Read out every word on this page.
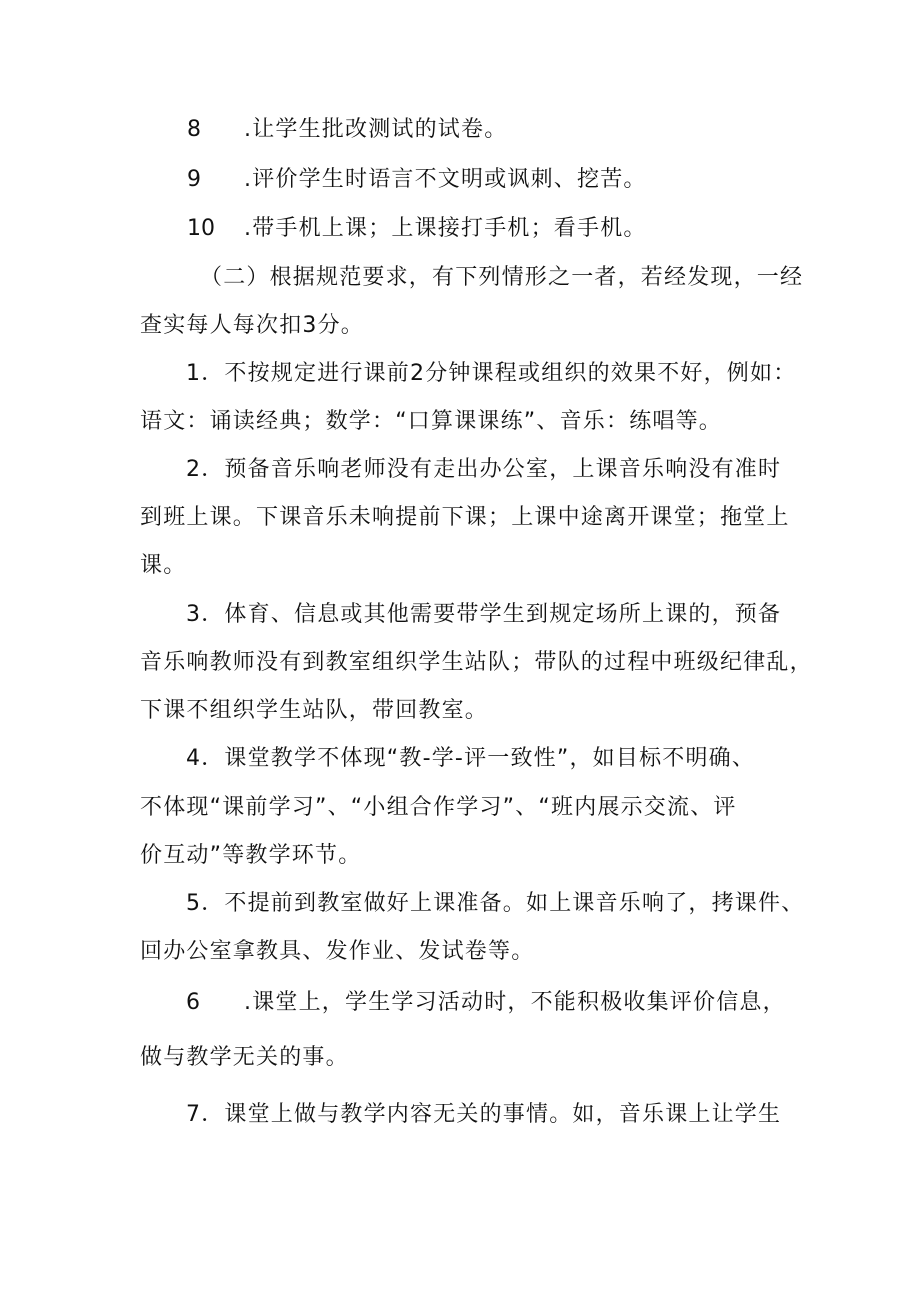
8 .让学生批改测试的试卷。
9 .评价学生时语言不文明或讽刺、挖苦。
10 .带手机上课；上课接打手机；看手机。
（二）根据规范要求，有下列情形之一者，若经发现，一经
查实每人每次扣3分。
1．不按规定进行课前2分钟课程或组织的效果不好，例如：
语文：诵读经典；数学：“口算课课练”、音乐：练唱等。
2．预备音乐响老师没有走出办公室，上课音乐响没有准时
到班上课。下课音乐未响提前下课；上课中途离开课堂；拖堂上
课。
3．体育、信息或其他需要带学生到规定场所上课的，预备
音乐响教师没有到教室组织学生站队；带队的过程中班级纪律乱，
下课不组织学生站队，带回教室。
4．课堂教学不体现“教-学-评一致性”，如目标不明确、
不体现“课前学习”、“小组合作学习”、“班内展示交流、评
价互动”等教学环节。
5．不提前到教室做好上课准备。如上课音乐响了，拷课件、
回办公室拿教具、发作业、发试卷等。
6 .课堂上，学生学习活动时，不能积极收集评价信息，
做与教学无关的事。
7．课堂上做与教学内容无关的事情。如，音乐课上让学生
